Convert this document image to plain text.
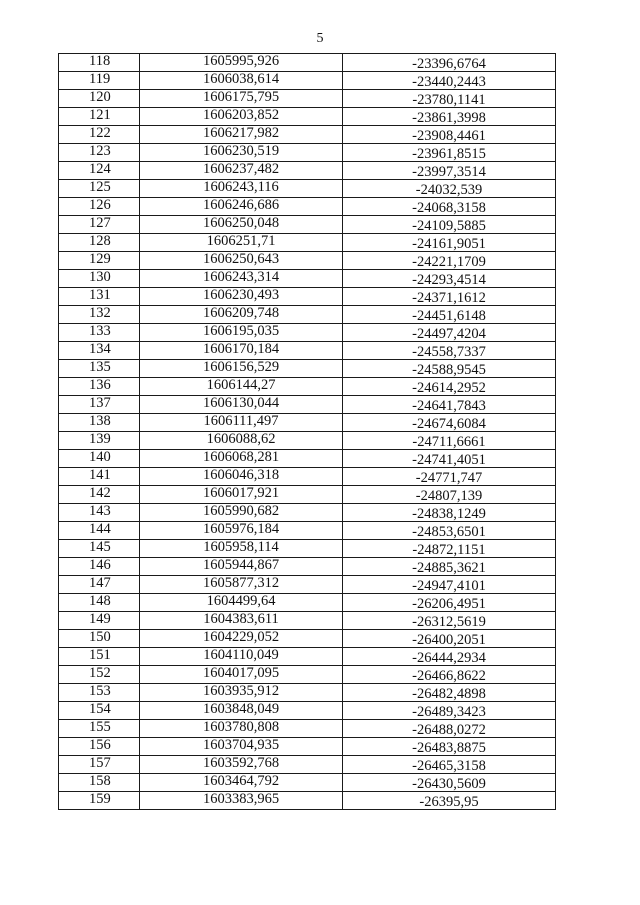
5
118	1605995,926	-23396,6764
119	1606038,614	-23440,2443
120	1606175,795	-23780,1141
121	1606203,852	-23861,3998
122	1606217,982	-23908,4461
123	1606230,519	-23961,8515
124	1606237,482	-23997,3514
125	1606243,116	-24032,539
126	1606246,686	-24068,3158
127	1606250,048	-24109,5885
128	1606251,71	-24161,9051
129	1606250,643	-24221,1709
130	1606243,314	-24293,4514
131	1606230,493	-24371,1612
132	1606209,748	-24451,6148
133	1606195,035	-24497,4204
134	1606170,184	-24558,7337
135	1606156,529	-24588,9545
136	1606144,27	-24614,2952
137	1606130,044	-24641,7843
138	1606111,497	-24674,6084
139	1606088,62	-24711,6661
140	1606068,281	-24741,4051
141	1606046,318	-24771,747
142	1606017,921	-24807,139
143	1605990,682	-24838,1249
144	1605976,184	-24853,6501
145	1605958,114	-24872,1151
146	1605944,867	-24885,3621
147	1605877,312	-24947,4101
148	1604499,64	-26206,4951
149	1604383,611	-26312,5619
150	1604229,052	-26400,2051
151	1604110,049	-26444,2934
152	1604017,095	-26466,8622
153	1603935,912	-26482,4898
154	1603848,049	-26489,3423
155	1603780,808	-26488,0272
156	1603704,935	-26483,8875
157	1603592,768	-26465,3158
158	1603464,792	-26430,5609
159	1603383,965	-26395,95
